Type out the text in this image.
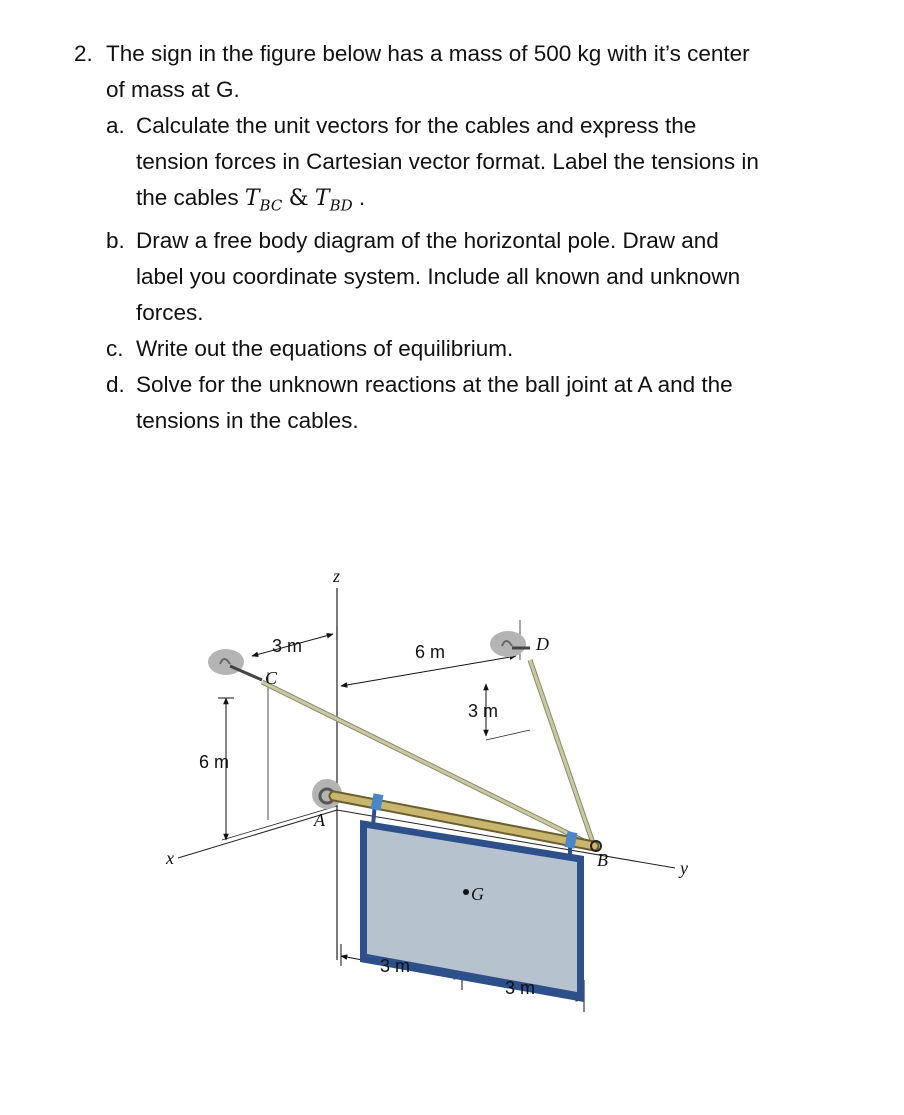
2. The sign in the figure below has a mass of 500 kg with it’s center
of mass at G.
a. Calculate the unit vectors for the cables and express the
tension forces in Cartesian vector format. Label the tensions in
the cables $T_{BC}$ & $T_{BD}$ .
b. Draw a free body diagram of the horizontal pole. Draw and
label you coordinate system. Include all known and unknown
forces.
c. Write out the equations of equilibrium.
d. Solve for the unknown reactions at the ball joint at A and the
tensions in the cables.
z
x	y
C
D
A
B
G
3 m	6 m
3 m
6 m
3 m
3 m
